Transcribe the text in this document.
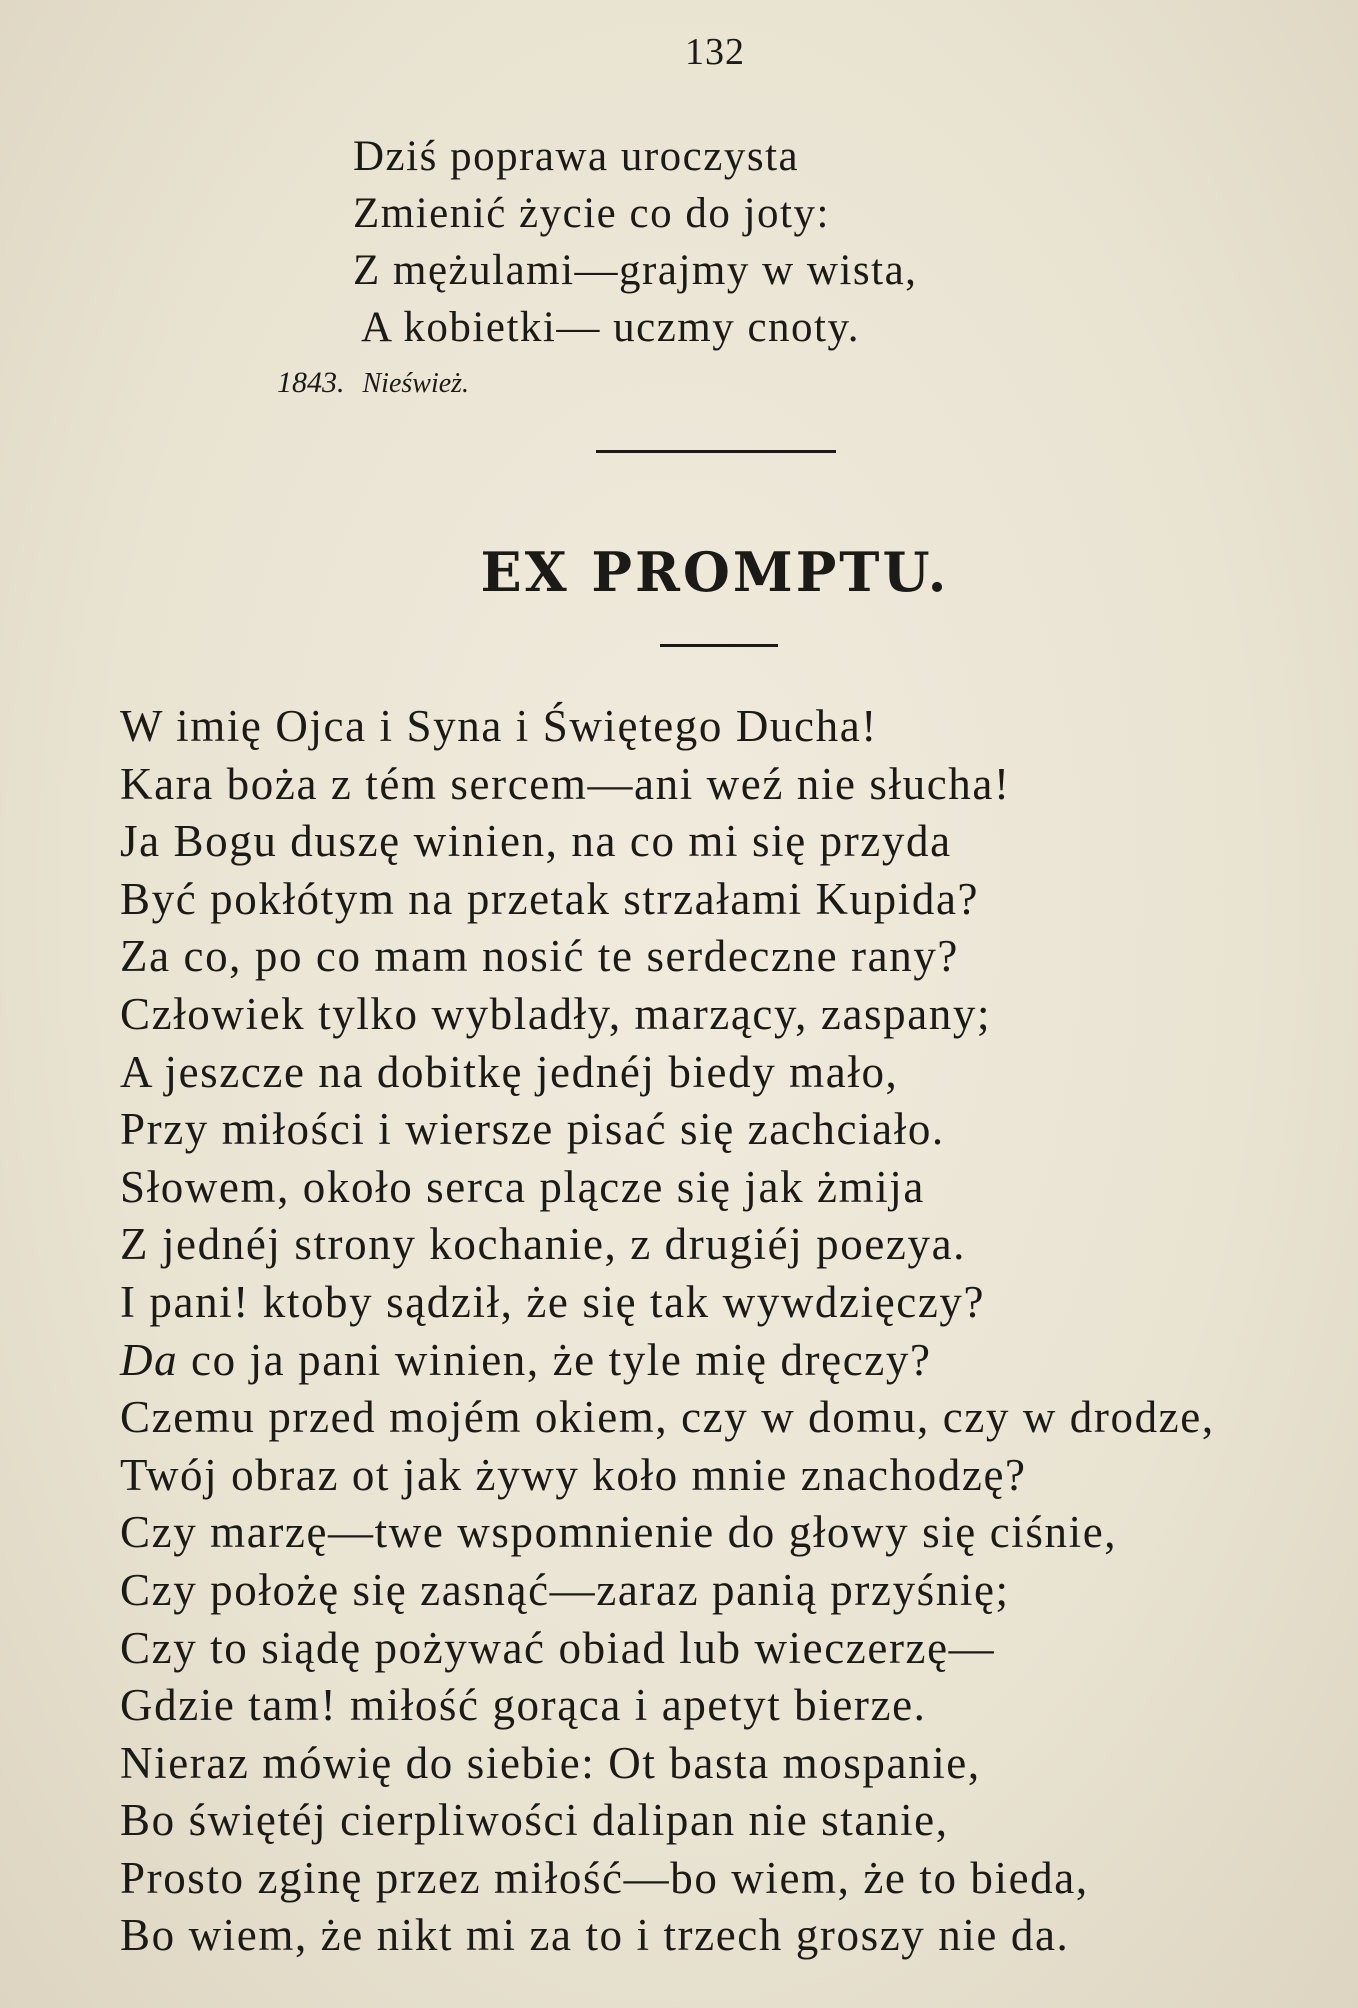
132
Dziś poprawa uroczysta
Zmienić życie co do joty:
Z mężulami—grajmy w wista,
A kobietki— uczmy cnoty.
1843. Nieśwież.
EX PROMPTU.
W imię Ojca i Syna i Świętego Ducha!
Kara boża z tém sercem—ani weź nie słucha!
Ja Bogu duszę winien, na co mi się przyda
Być pokłótym na przetak strzałami Kupida?
Za co, po co mam nosić te serdeczne rany?
Człowiek tylko wybladły, marzący, zaspany;
A jeszcze na dobitkę jednéj biedy mało,
Przy miłości i wiersze pisać się zachciało.
Słowem, około serca plącze się jak żmija
Z jednéj strony kochanie, z drugiéj poezya.
I pani! ktoby sądził, że się tak wywdzięczy?
Da co ja pani winien, że tyle mię dręczy?
Czemu przed mojém okiem, czy w domu, czy w drodze,
Twój obraz ot jak żywy koło mnie znachodzę?
Czy marzę—twe wspomnienie do głowy się ciśnie,
Czy położę się zasnąć—zaraz panią przyśnię;
Czy to siądę pożywać obiad lub wieczerzę—
Gdzie tam! miłość gorąca i apetyt bierze.
Nieraz mówię do siebie: Ot basta mospanie,
Bo świętéj cierpliwości dalipan nie stanie,
Prosto zginę przez miłość—bo wiem, że to bieda,
Bo wiem, że nikt mi za to i trzech groszy nie da.
